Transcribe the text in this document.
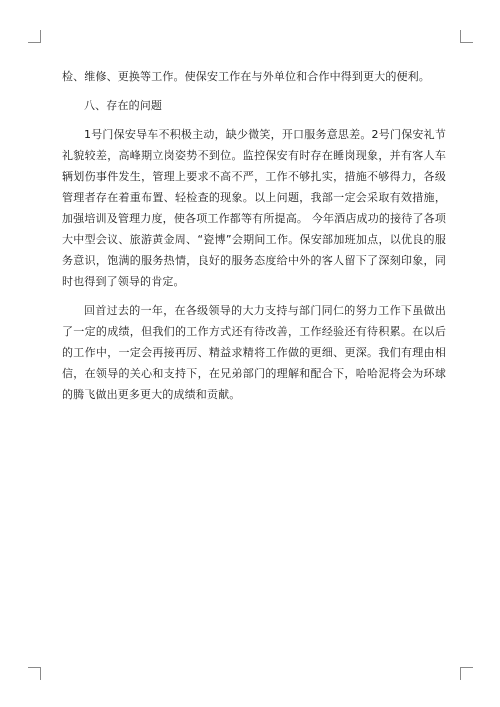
检、维修、更换等工作。使保安工作在与外单位和合作中得到更大的便利。

八、存在的问题

1号门保安导车不积极主动，缺少微笑，开口服务意思差。2号门保安礼节礼貌较差，高峰期立岗姿势不到位。监控保安有时存在睡岗现象，并有客人车辆划伤事件发生，管理上要求不高不严，工作不够扎实，措施不够得力，各级管理者存在着重布置、轻检查的现象。以上问题，我部一定会采取有效措施，加强培训及管理力度，使各项工作都等有所提高。 今年酒店成功的接待了各项大中型会议、旅游黄金周、“瓷博”会期间工作。保安部加班加点，以优良的服务意识，饱满的服务热情，良好的服务态度给中外的客人留下了深刻印象，同时也得到了领导的肯定。

回首过去的一年，在各级领导的大力支持与部门同仁的努力工作下虽做出了一定的成绩，但我们的工作方式还有待改善，工作经验还有待积累。在以后的工作中，一定会再接再厉、精益求精将工作做的更细、更深。我们有理由相信，在领导的关心和支持下，在兄弟部门的理解和配合下，哈哈泥将会为环球的腾飞做出更多更大的成绩和贡献。
